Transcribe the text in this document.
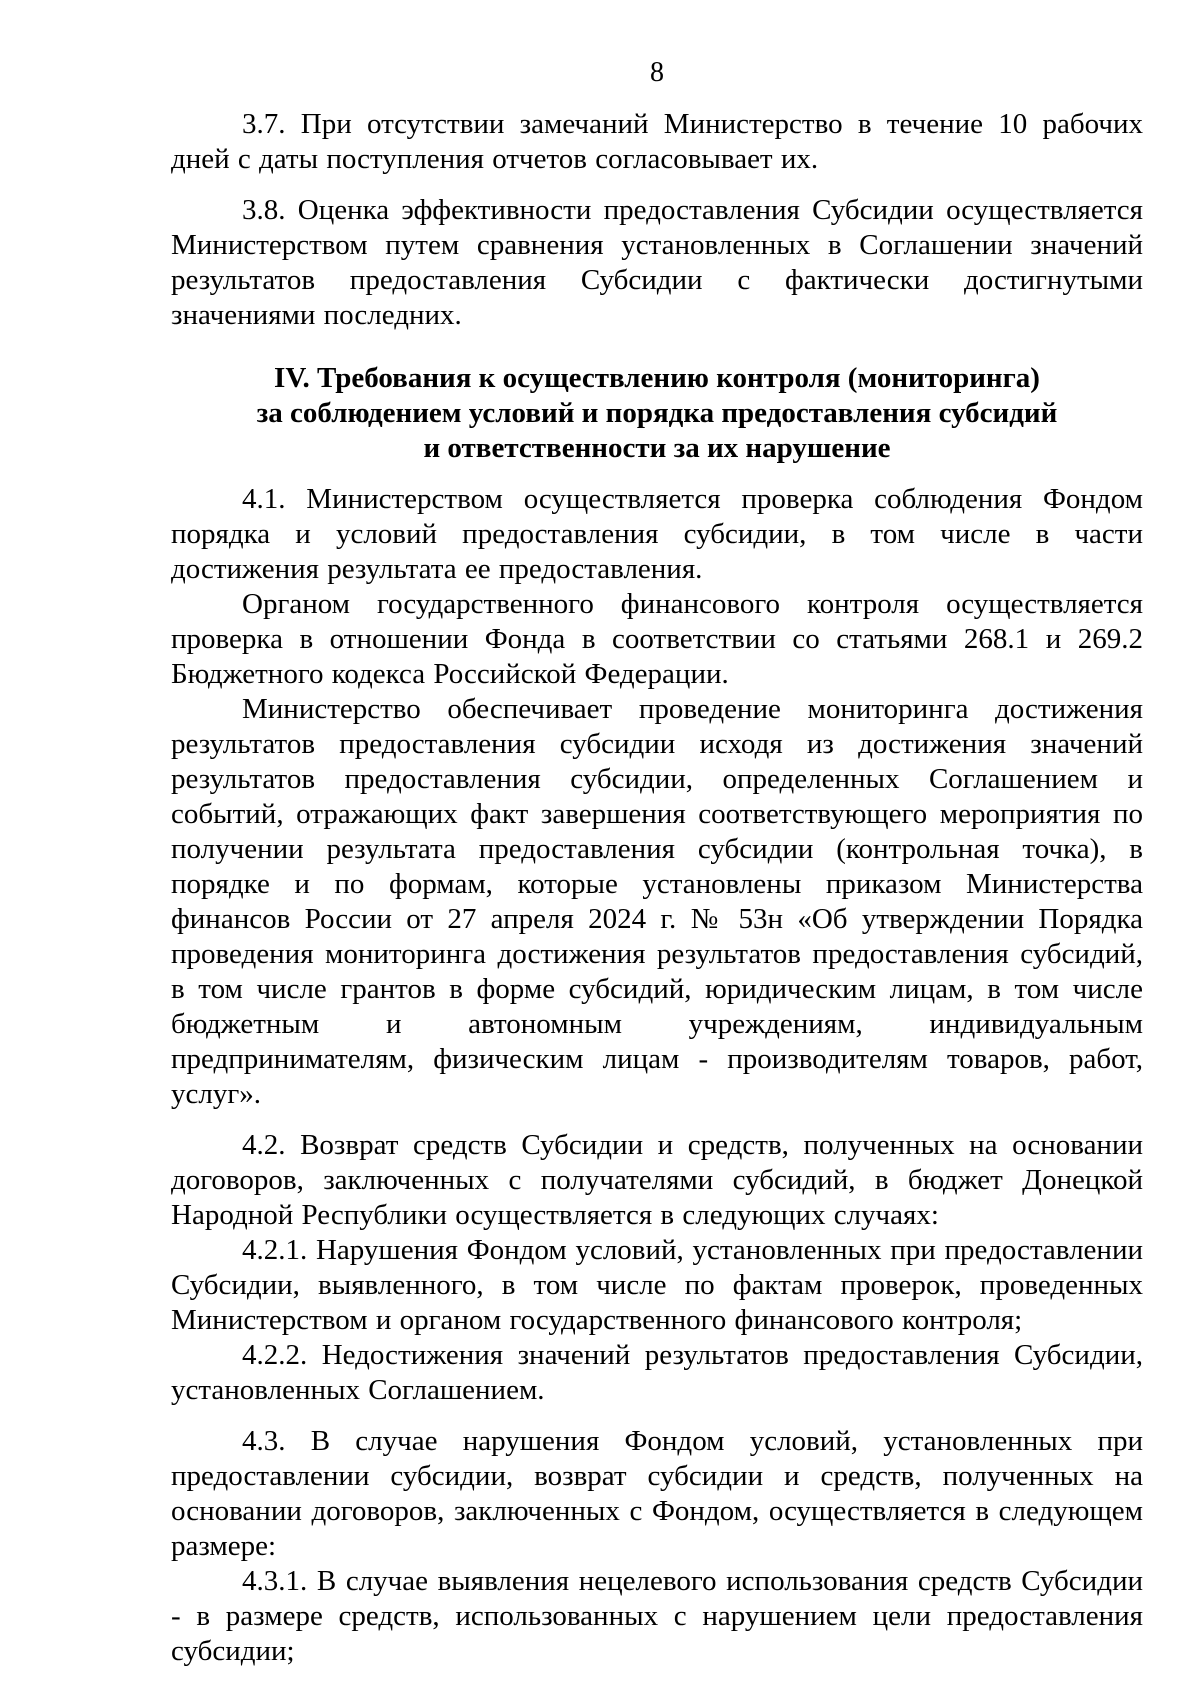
8
3.7. При отсутствии замечаний Министерство в течение 10 рабочих дней с даты поступления отчетов согласовывает их.
3.8. Оценка эффективности предоставления Субсидии осуществляется Министерством путем сравнения установленных в Соглашении значений результатов предоставления Субсидии с фактически достигнутыми значениями последних.
IV. Требования к осуществлению контроля (мониторинга)
за соблюдением условий и порядка предоставления субсидий
и ответственности за их нарушение
4.1. Министерством осуществляется проверка соблюдения Фондом порядка и условий предоставления субсидии, в том числе в части достижения результата ее предоставления.
Органом государственного финансового контроля осуществляется проверка в отношении Фонда в соответствии со статьями 268.1 и 269.2 Бюджетного кодекса Российской Федерации.
Министерство обеспечивает проведение мониторинга достижения результатов предоставления субсидии исходя из достижения значений результатов предоставления субсидии, определенных Соглашением и событий, отражающих факт завершения соответствующего мероприятия по получении результата предоставления субсидии (контрольная точка), в порядке и по формам, которые установлены приказом Министерства финансов России от 27 апреля 2024 г. № 53н «Об утверждении Порядка проведения мониторинга достижения результатов предоставления субсидий, в том числе грантов в форме субсидий, юридическим лицам, в том числе бюджетным и автономным учреждениям, индивидуальным предпринимателям, физическим лицам - производителям товаров, работ, услуг».
4.2. Возврат средств Субсидии и средств, полученных на основании договоров, заключенных с получателями субсидий, в бюджет Донецкой Народной Республики осуществляется в следующих случаях:
4.2.1. Нарушения Фондом условий, установленных при предоставлении Субсидии, выявленного, в том числе по фактам проверок, проведенных Министерством и органом государственного финансового контроля;
4.2.2. Недостижения значений результатов предоставления Субсидии, установленных Соглашением.
4.3. В случае нарушения Фондом условий, установленных при предоставлении субсидии, возврат субсидии и средств, полученных на основании договоров, заключенных с Фондом, осуществляется в следующем размере:
4.3.1. В случае выявления нецелевого использования средств Субсидии - в размере средств, использованных с нарушением цели предоставления субсидии;
